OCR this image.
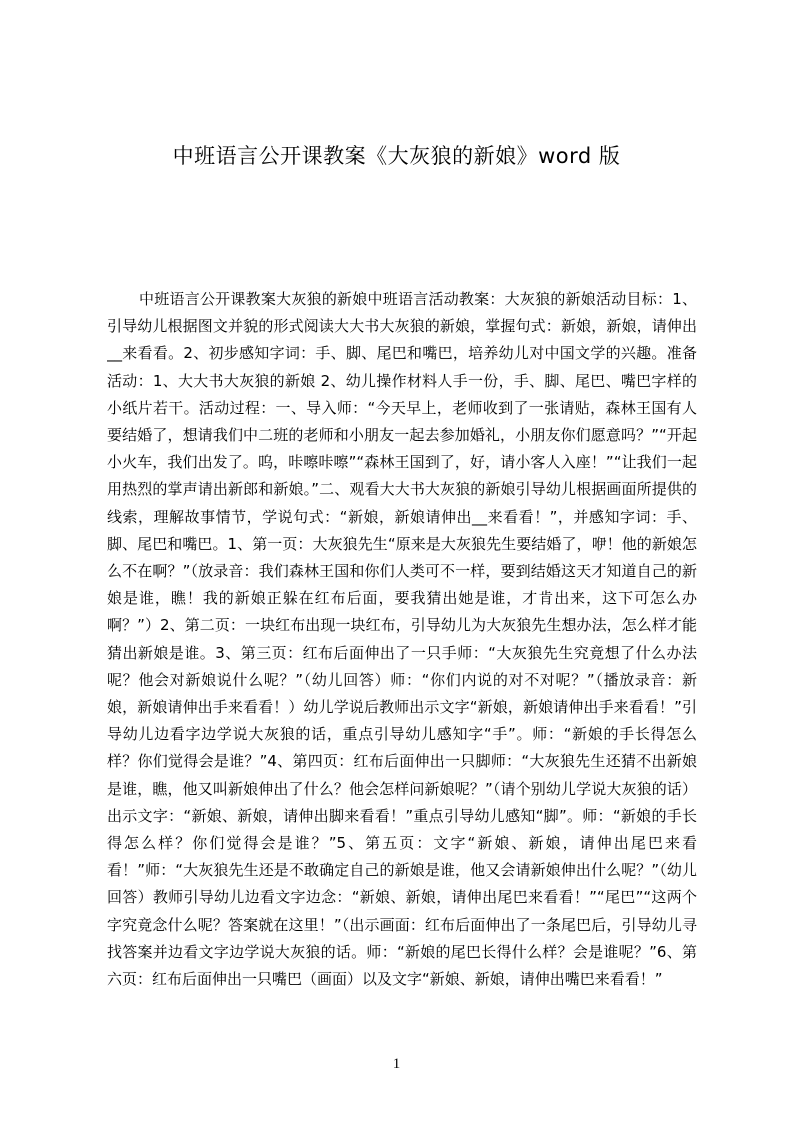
中班语言公开课教案《大灰狼的新娘》word 版

中班语言公开课教案大灰狼的新娘中班语言活动教案：大灰狼的新娘活动目标：1、引导幼儿根据图文并貌的形式阅读大大书大灰狼的新娘，掌握句式：新娘，新娘，请伸出__来看看。2、初步感知字词：手、脚、尾巴和嘴巴，培养幼儿对中国文学的兴趣。准备活动：1、大大书大灰狼的新娘 2、幼儿操作材料人手一份，手、脚、尾巴、嘴巴字样的小纸片若干。活动过程：一、导入师：“今天早上，老师收到了一张请贴，森林王国有人要结婚了，想请我们中二班的老师和小朋友一起去参加婚礼，小朋友你们愿意吗？”“开起小火车，我们出发了。呜，咔嚓咔嚓”“森林王国到了，好，请小客人入座！”“让我们一起用热烈的掌声请出新郎和新娘。”二、观看大大书大灰狼的新娘引导幼儿根据画面所提供的线索，理解故事情节，学说句式：“新娘，新娘请伸出__来看看！”，并感知字词：手、脚、尾巴和嘴巴。1、第一页：大灰狼先生“原来是大灰狼先生要结婚了，咿！他的新娘怎么不在啊？”（放录音：我们森林王国和你们人类可不一样，要到结婚这天才知道自己的新娘是谁，瞧！我的新娘正躲在红布后面，要我猜出她是谁，才肯出来，这下可怎么办啊？”）2、第二页：一块红布出现一块红布，引导幼儿为大灰狼先生想办法，怎么样才能猜出新娘是谁。3、第三页：红布后面伸出了一只手师：“大灰狼先生究竟想了什么办法呢？他会对新娘说什么呢？”（幼儿回答）师：“你们内说的对不对呢？”（播放录音：新娘，新娘请伸出手来看看！）幼儿学说后教师出示文字“新娘，新娘请伸出手来看看！”引导幼儿边看字边学说大灰狼的话，重点引导幼儿感知字“手”。师：“新娘的手长得怎么样？你们觉得会是谁？”4、第四页：红布后面伸出一只脚师：“大灰狼先生还猜不出新娘是谁，瞧，他又叫新娘伸出了什么？他会怎样问新娘呢？”（请个别幼儿学说大灰狼的话）出示文字：“新娘、新娘，请伸出脚来看看！”重点引导幼儿感知“脚”。师：“新娘的手长得怎么样？你们觉得会是谁？”5、第五页：文字“新娘、新娘，请伸出尾巴来看看！”师：“大灰狼先生还是不敢确定自己的新娘是谁，他又会请新娘伸出什么呢？”（幼儿回答）教师引导幼儿边看文字边念：“新娘、新娘，请伸出尾巴来看看！”“尾巴”“这两个字究竟念什么呢？答案就在这里！”（出示画面：红布后面伸出了一条尾巴后，引导幼儿寻找答案并边看文字边学说大灰狼的话。师：“新娘的尾巴长得什么样？会是谁呢？”6、第六页：红布后面伸出一只嘴巴（画面）以及文字“新娘、新娘，请伸出嘴巴来看看！”

1
